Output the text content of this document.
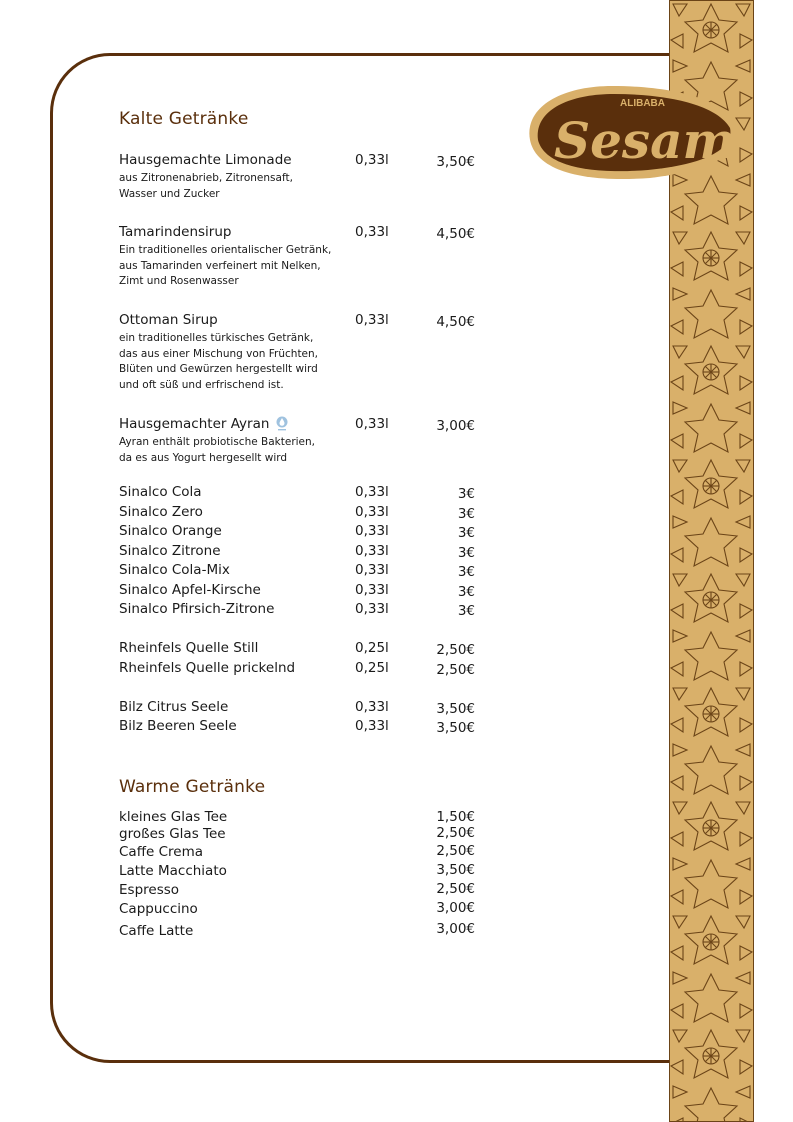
ALIBABA
Sesam
Kalte Getränke
Hausgemachte Limonade	0,33l	3,50€
aus Zitronenabrieb, Zitronensaft,
Wasser und Zucker
Tamarindensirup	0,33l	4,50€
Ein traditionelles orientalischer Getränk,
aus Tamarinden verfeinert mit Nelken,
Zimt und Rosenwasser
Ottoman Sirup	0,33l	4,50€
ein traditionelles türkisches Getränk,
das aus einer Mischung von Früchten,
Blüten und Gewürzen hergestellt wird
und oft süß und erfrischend ist.
Hausgemachter Ayran	0,33l	3,00€
Ayran enthält probiotische Bakterien,
da es aus Yogurt hergesellt wird
Sinalco Cola	0,33l	3€
Sinalco Zero	0,33l	3€
Sinalco Orange	0,33l	3€
Sinalco Zitrone	0,33l	3€
Sinalco Cola-Mix	0,33l	3€
Sinalco Apfel-Kirsche	0,33l	3€
Sinalco Pfirsich-Zitrone	0,33l	3€
Rheinfels Quelle Still	0,25l	2,50€
Rheinfels Quelle prickelnd	0,25l	2,50€
Bilz Citrus Seele	0,33l	3,50€
Bilz Beeren Seele	0,33l	3,50€
Warme Getränke
kleines Glas Tee	1,50€
großes Glas Tee	2,50€
Caffe Crema	2,50€
Latte Macchiato	3,50€
Espresso	2,50€
Cappuccino	3,00€
Caffe Latte	3,00€
